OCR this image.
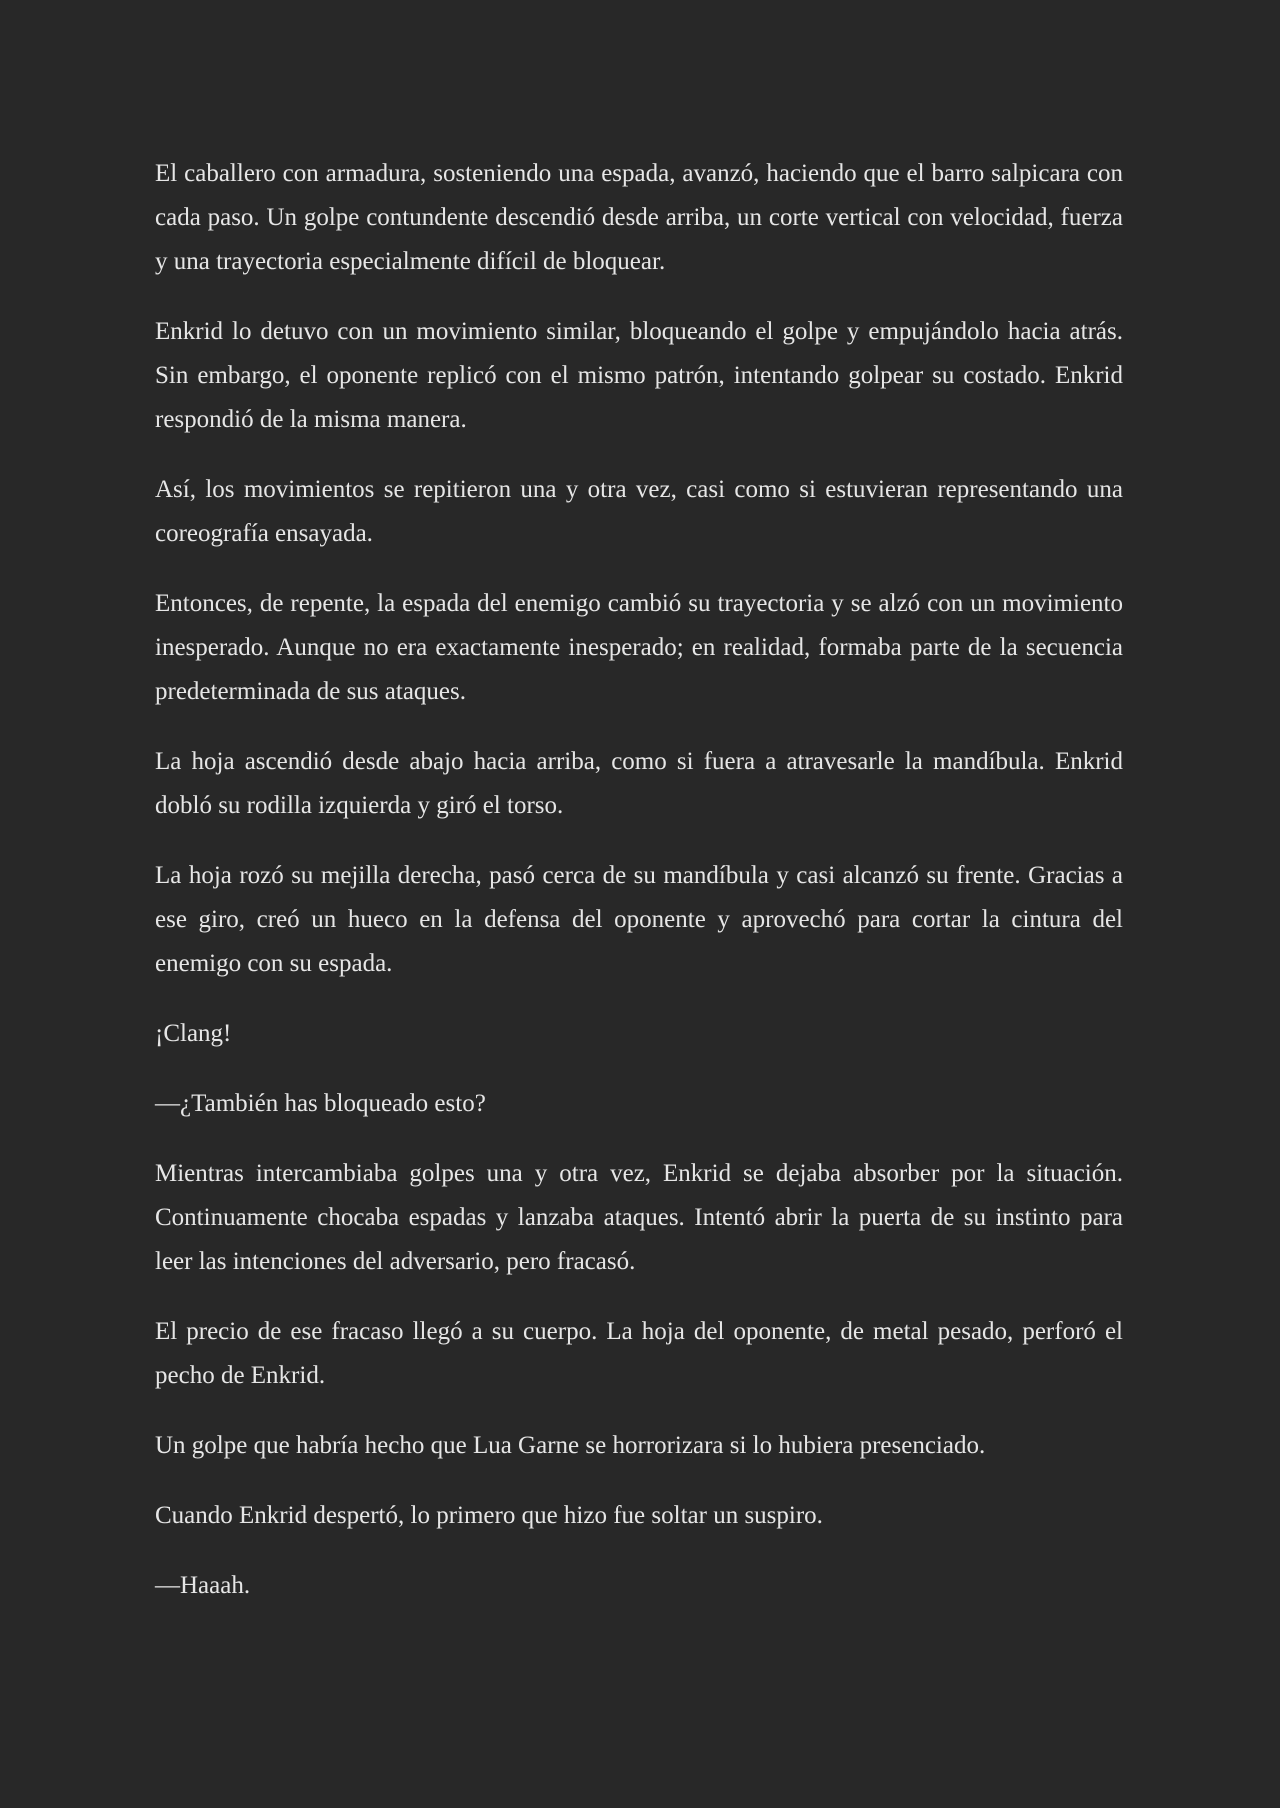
El caballero con armadura, sosteniendo una espada, avanzó, haciendo que el barro salpicara con cada paso. Un golpe contundente descendió desde arriba, un corte vertical con velocidad, fuerza y una trayectoria especialmente difícil de bloquear.

Enkrid lo detuvo con un movimiento similar, bloqueando el golpe y empujándolo hacia atrás. Sin embargo, el oponente replicó con el mismo patrón, intentando golpear su costado. Enkrid respondió de la misma manera.

Así, los movimientos se repitieron una y otra vez, casi como si estuvieran representando una coreografía ensayada.

Entonces, de repente, la espada del enemigo cambió su trayectoria y se alzó con un movimiento inesperado. Aunque no era exactamente inesperado; en realidad, formaba parte de la secuencia predeterminada de sus ataques.

La hoja ascendió desde abajo hacia arriba, como si fuera a atravesarle la mandíbula. Enkrid dobló su rodilla izquierda y giró el torso.

La hoja rozó su mejilla derecha, pasó cerca de su mandíbula y casi alcanzó su frente. Gracias a ese giro, creó un hueco en la defensa del oponente y aprovechó para cortar la cintura del enemigo con su espada.

¡Clang!

—¿También has bloqueado esto?

Mientras intercambiaba golpes una y otra vez, Enkrid se dejaba absorber por la situación. Continuamente chocaba espadas y lanzaba ataques. Intentó abrir la puerta de su instinto para leer las intenciones del adversario, pero fracasó.

El precio de ese fracaso llegó a su cuerpo. La hoja del oponente, de metal pesado, perforó el pecho de Enkrid.

Un golpe que habría hecho que Lua Garne se horrorizara si lo hubiera presenciado.

Cuando Enkrid despertó, lo primero que hizo fue soltar un suspiro.

—Haaah.
